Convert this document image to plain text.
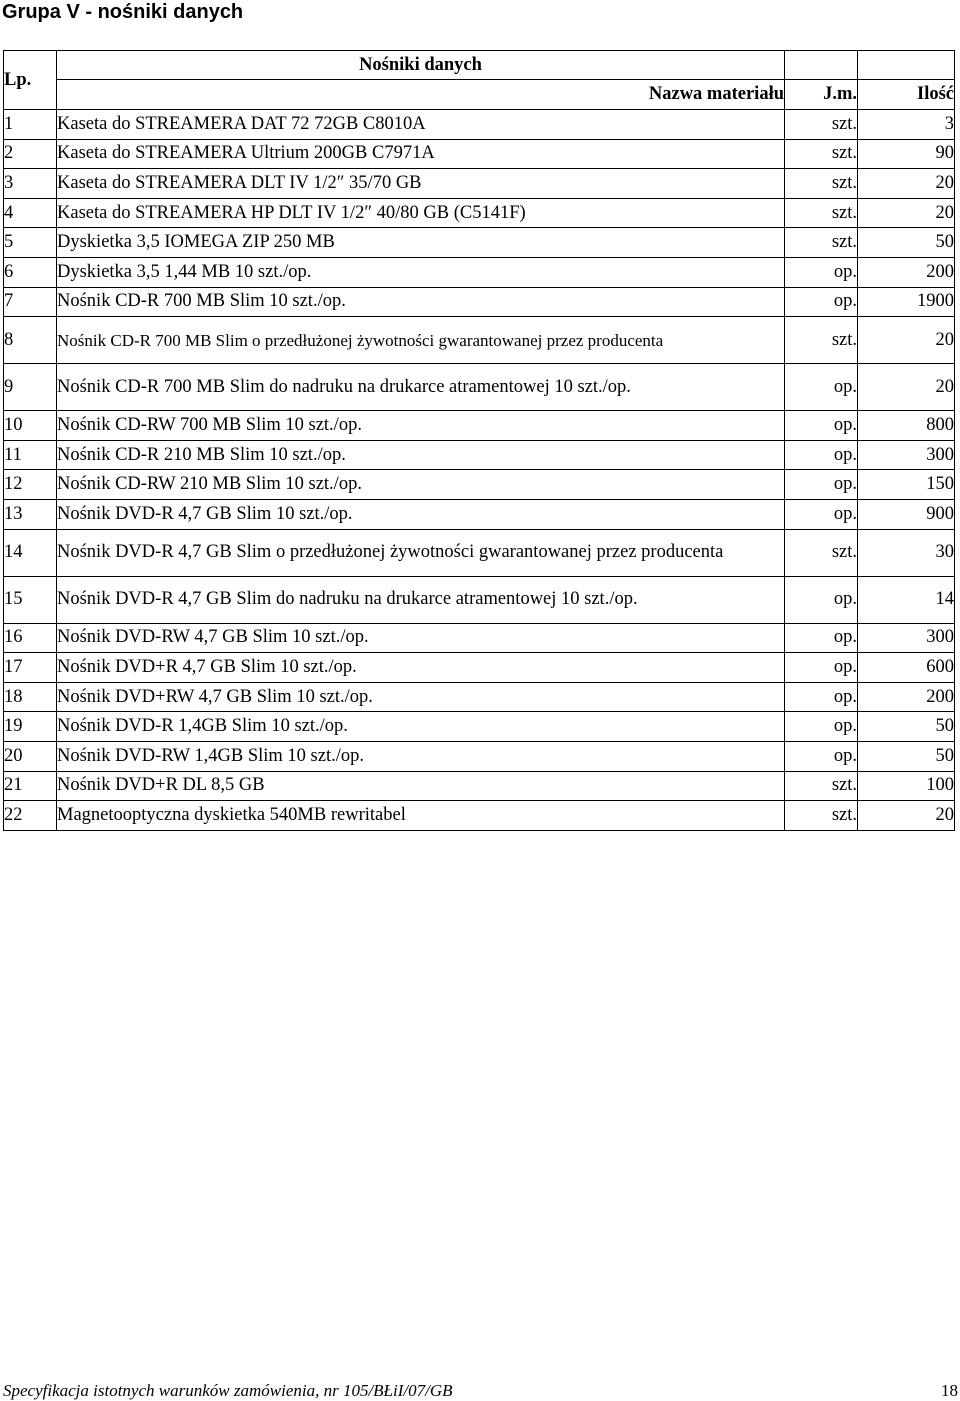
Grupa V - nośniki danych
Lp.	Nośniki danych		
	Nazwa materiału	J.m.	Ilość
1	Kaseta do STREAMERA DAT 72 72GB C8010A	szt.	3
2	Kaseta do STREAMERA Ultrium 200GB C7971A	szt.	90
3	Kaseta do STREAMERA DLT IV 1/2″ 35/70 GB	szt.	20
4	Kaseta do STREAMERA HP DLT IV 1/2″ 40/80 GB (C5141F)	szt.	20
5	Dyskietka 3,5 IOMEGA ZIP 250 MB	szt.	50
6	Dyskietka 3,5 1,44 MB 10 szt./op.	op.	200
7	Nośnik CD-R 700 MB Slim 10 szt./op.	op.	1900
8	Nośnik CD-R 700 MB Slim o przedłużonej żywotności gwarantowanej przez producenta	szt.	20
9	Nośnik CD-R 700 MB Slim do nadruku na drukarce atramentowej 10 szt./op.	op.	20
10	Nośnik CD-RW 700 MB Slim 10 szt./op.	op.	800
11	Nośnik CD-R 210 MB Slim 10 szt./op.	op.	300
12	Nośnik CD-RW 210 MB Slim 10 szt./op.	op.	150
13	Nośnik DVD-R 4,7 GB Slim 10 szt./op.	op.	900
14	Nośnik DVD-R 4,7 GB Slim o przedłużonej żywotności gwarantowanej przez producenta	szt.	30
15	Nośnik DVD-R 4,7 GB Slim do nadruku na drukarce atramentowej 10 szt./op.	op.	14
16	Nośnik DVD-RW 4,7 GB Slim 10 szt./op.	op.	300
17	Nośnik DVD+R 4,7 GB Slim 10 szt./op.	op.	600
18	Nośnik DVD+RW 4,7 GB Slim 10 szt./op.	op.	200
19	Nośnik DVD-R 1,4GB Slim 10 szt./op.	op.	50
20	Nośnik DVD-RW 1,4GB Slim 10 szt./op.	op.	50
21	Nośnik DVD+R DL 8,5 GB	szt.	100
22	Magnetooptyczna dyskietka 540MB rewritabel	szt.	20
Specyfikacja istotnych warunków zamówienia, nr 105/BŁiI/07/GB	18
